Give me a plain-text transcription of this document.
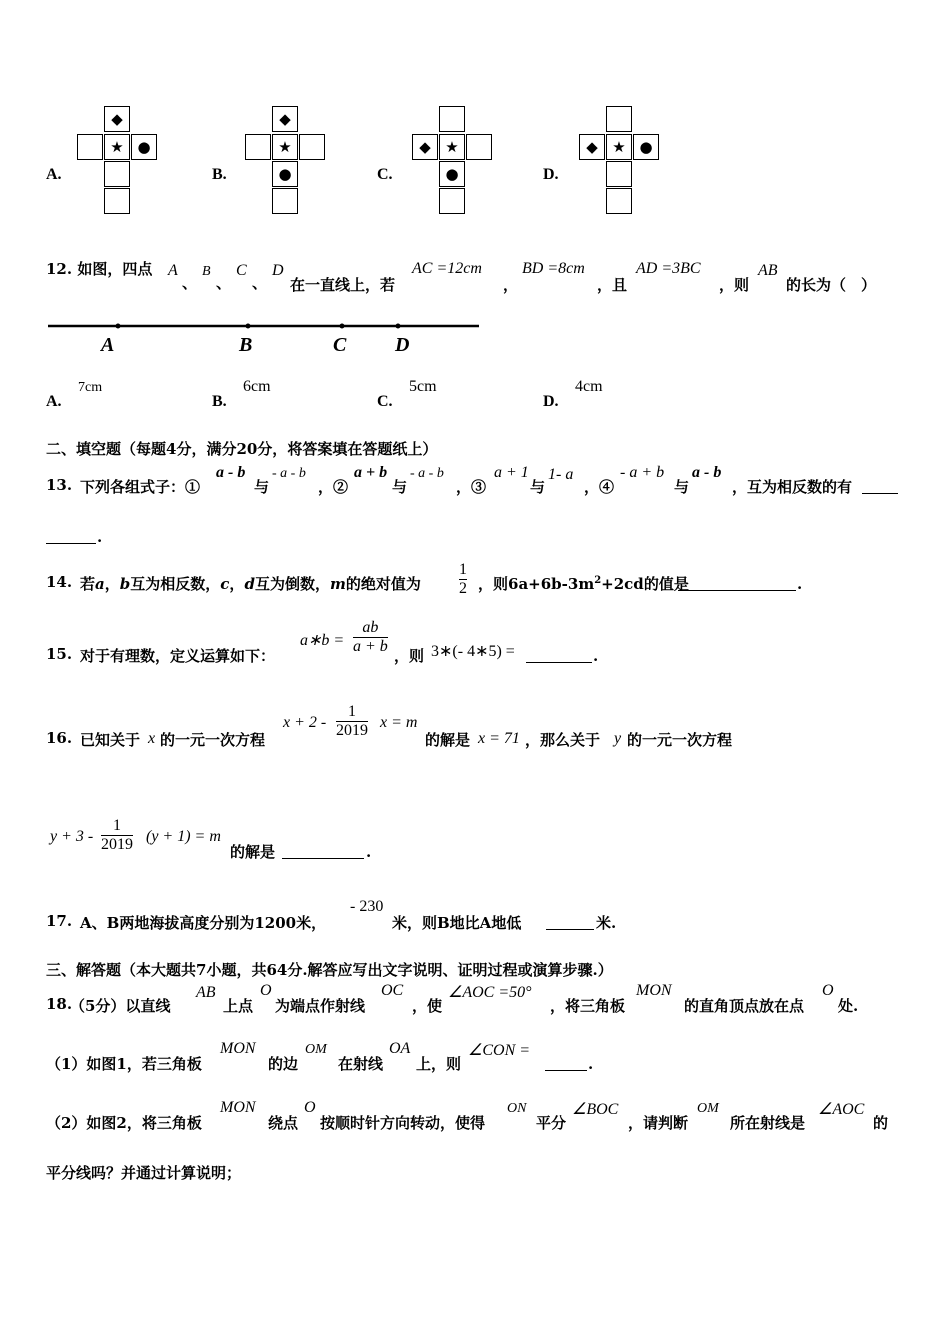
A.
◆
★ ●
B.
◆
★
●	C.
◆ ★
●	D.
◆ ★ ●
12. 如图，四点 A
、
B
、
C
、
D
在一直线上，若
AC =12cm
，
BD =8cm
，且
AD =3BC
，则
AB
的长为（　）
A	B	C D
A.
7cm
B.
6cm
C.
5cm
D.
4cm
二、填空题（每题4分，满分20分，将答案填在答题纸上）
13. 下列各组式子：①
a - b
与
- a - b
，②
a + b
与
- a - b
，③
a + 1
与
1- a
，④
- a + b
与
a - b
，互为相反数的有
.
14. 若a，b互为相反数，c，d互为倒数，m的绝对值为 $\frac{1}{2}$ ，则$6a+6b-3m^2+2cd$的值是	.
15. 对于有理数，定义运算如下：
a∗b = $\frac{ab}{a + b}$ ，则 3∗(- 4∗5) =	.
16. 已知关于 x 的一元一次方程
$x + 2 - \frac{1}{2019}$ x = m
的解是 x = 71 ，那么关于 y 的一元一次方程
$y + 3 - \frac{1}{2019} (y + 1) = m$
的解是	.
17. A、B两地海拔高度分别为1200米，
- 230
米，则B地比A地低	米.
三、解答题（本大题共7小题，共64分.解答应写出文字说明、证明过程或演算步骤.）
18.
（5分）以直线
AB
上点
O
为端点作射线
OC
，使
∠AOC =50°
，将三角板
MON
的直角顶点放在点
O
处.
（1）如图1，若三角板
MON
的边
OM
在射线
OA
上，则
∠CON =
.
（2）如图2，将三角板
MON
绕点
O
按顺时针方向转动，使得
ON
平分
∠BOC
，请判断
OM
所在射线是
∠AOC
的
平分线吗？并通过计算说明；
